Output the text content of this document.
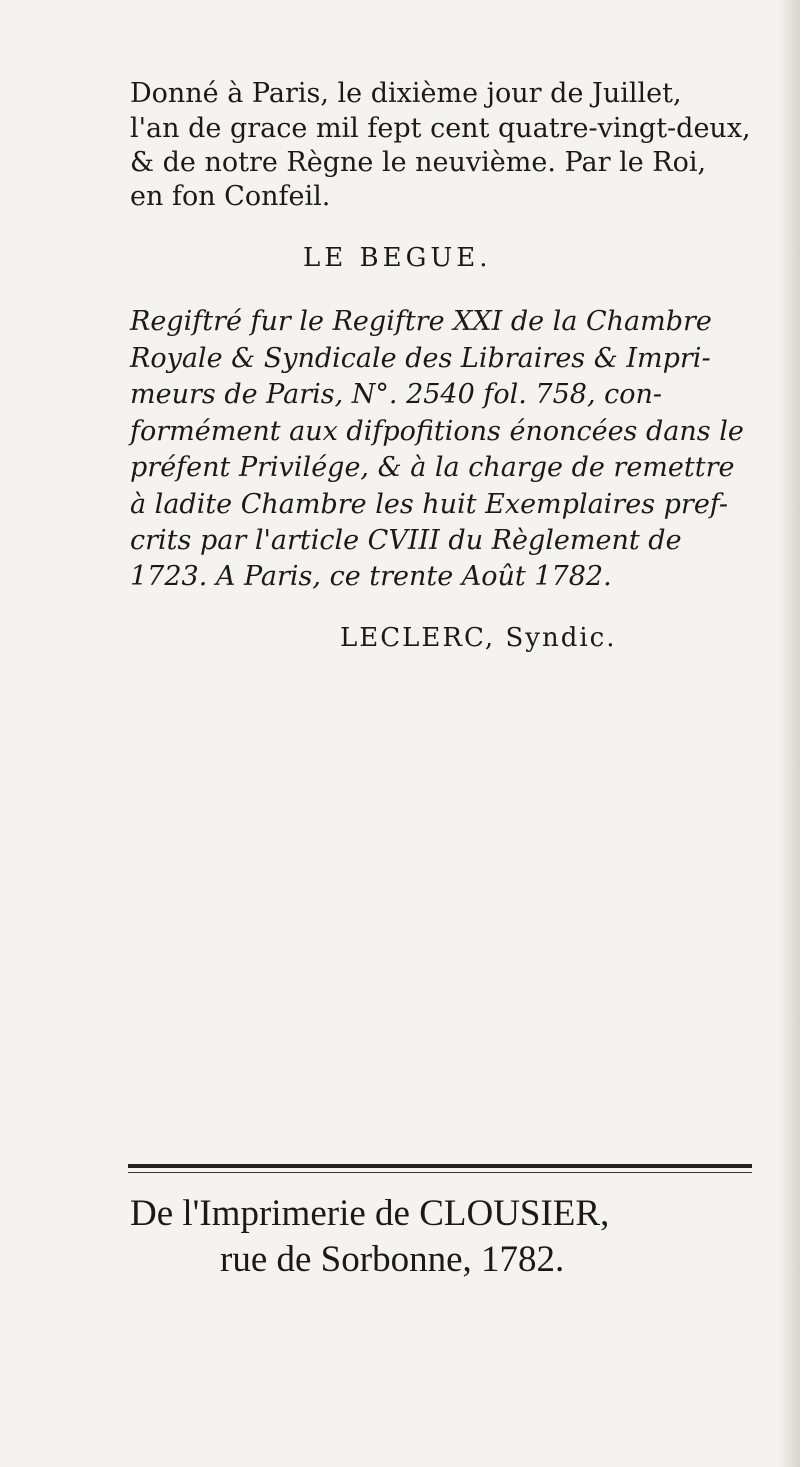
Donné à Paris, le dixième jour de Juillet,
l'an de grace mil fept cent quatre-vingt-deux,
& de notre Règne le neuvième. Par le Roi,
en fon Confeil.
LE BEGUE.
Regiftré fur le Regiftre XXI de la Chambre
Royale & Syndicale des Libraires & Impri-
meurs de Paris, N°. 2540 fol. 758, con-
formément aux difpofitions énoncées dans le
préfent Privilége, & à la charge de remettre
à ladite Chambre les huit Exemplaires pref-
crits par l'article CVIII du Règlement de
1723. A Paris, ce trente Août 1782.
LECLERC, Syndic.
De l'Imprimerie de CLOUSIER,
rue de Sorbonne, 1782.
